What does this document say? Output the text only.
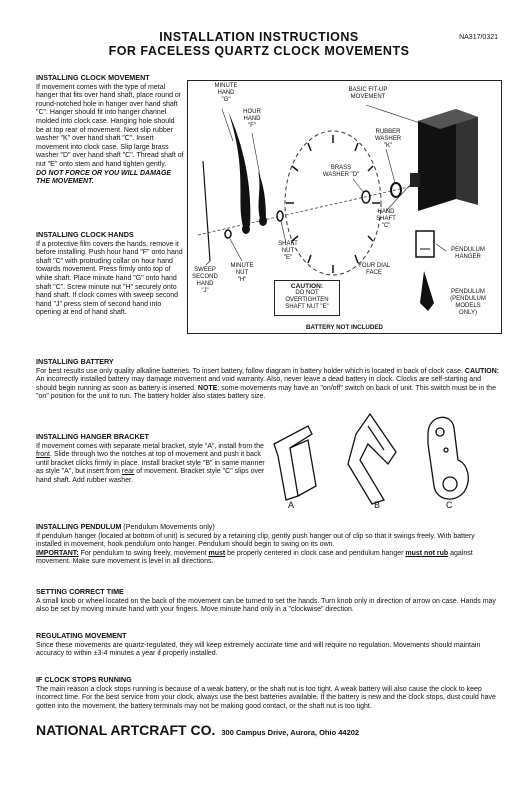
NA317/0321
INSTALLATION INSTRUCTIONS
FOR FACELESS QUARTZ CLOCK MOVEMENTS
INSTALLING CLOCK MOVEMENT

If movement comes with the type of metal hanger that fits over hand shaft, place round or round-notched hole in hanger over hand shaft "C". Hanger should fit into hanger channel molded into clock case. Hanging hole should be at top rear of movement. Next slip rubber washer "K" over hand shaft "C". Insert movement into clock case. Slip large brass washer "D" over hand shaft "C". Thread shaft of nut "E" onto stem and hand tighten gently.

DO NOT FORCE OR YOU WILL DAMAGE THE MOVEMENT.

INSTALLING CLOCK HANDS

If a protective film covers the hands, remove it before installing. Push hour hand "F" onto hand shaft "C" with protruding collar on hour hand towards movement. Press firmly onto top of white shaft. Place minute hand "G" onto hand shaft "C". Screw minute nut "H" securely onto hand shaft. If clock comes with sweep second hand "J" press stem of second hand into opening at end of hand shaft.

MINUTE
HAND
"G"
HOUR
HAND
"F"
BASIC FIT-UP
MOVEMENT
RUBBER
WASHER
"K"
BRASS
WASHER "D"
HAND
SHAFT
"C"
SHAFT
NUT
"E"
MINUTE
NUT
"H"
SWEEP
SECOND
HAND
"J"
YOUR DIAL
FACE
PENDULUM
HANGER
PENDULUM
(PENDULUM
MODELS
ONLY)
CAUTION:
DO NOT
OVERTIGHTEN
SHAFT NUT "E"
BATTERY NOT INCLUDED
INSTALLING BATTERY

For best results use only quality alkaline batteries. To insert battery, follow diagram in battery holder which is located in back of clock case. CAUTION: An incorrectly installed battery may damage movement and void warranty. Also, never leave a dead battery in clock. Clocks are self-starting and should begin running as soon as battery is inserted. NOTE: some movements may have an "on/off" switch on back of unit. This switch must be in the "on" position for the unit to run. The battery holder also states battery size.

INSTALLING HANGER BRACKET

If movement comes with separate metal bracket, style "A", install from the front. Slide through two the notches at top of movement and push it back until bracket clicks firmly in place. Install bracket style "B" in same manner as style "A", but insert from rear of movement. Bracket style "C" slips over hand shaft. Add rubber washer.

A	B	C
INSTALLING PENDULUM (Pendulum Movements only)

If pendulum hanger (located at bottom of unit) is secured by a retaining clip, gently push hanger out of clip so that it swings freely. With battery installed in movement, hook pendulum onto hanger. Pendulum should begin to swing on its own.
IMPORTANT: For pendulum to swing freely, movement must be properly centered in clock case and pendulum hanger must not rub against movement. Make sure movement is level in all directions.

SETTING CORRECT TIME

A small knob or wheel located on the back of the movement can be turned to set the hands. Turn knob only in direction of arrow on case. Hands may also be set by moving minute hand with your fingers. Move minute hand only in a "clockwise" direction.

REGULATING MOVEMENT

Since these movements are quartz-regulated, they will keep extremely accurate time and will require no regulation. Movements should maintain accuracy to within ±3-4 minutes a year if properly installed.

IF CLOCK STOPS RUNNING

The main reason a clock stops running is because of a weak battery, or the shaft nut is too tight. A weak battery will also cause the clock to keep incorrect time. For the best service from your clock, always use the best batteries available. If the battery is new and the clock stops, dust could have gotten into the movement, the battery terminals may not be making good contact, or the shaft nut is too tight.

NATIONAL ARTCRAFT CO. 300 Campus Drive, Aurora, Ohio 44202
